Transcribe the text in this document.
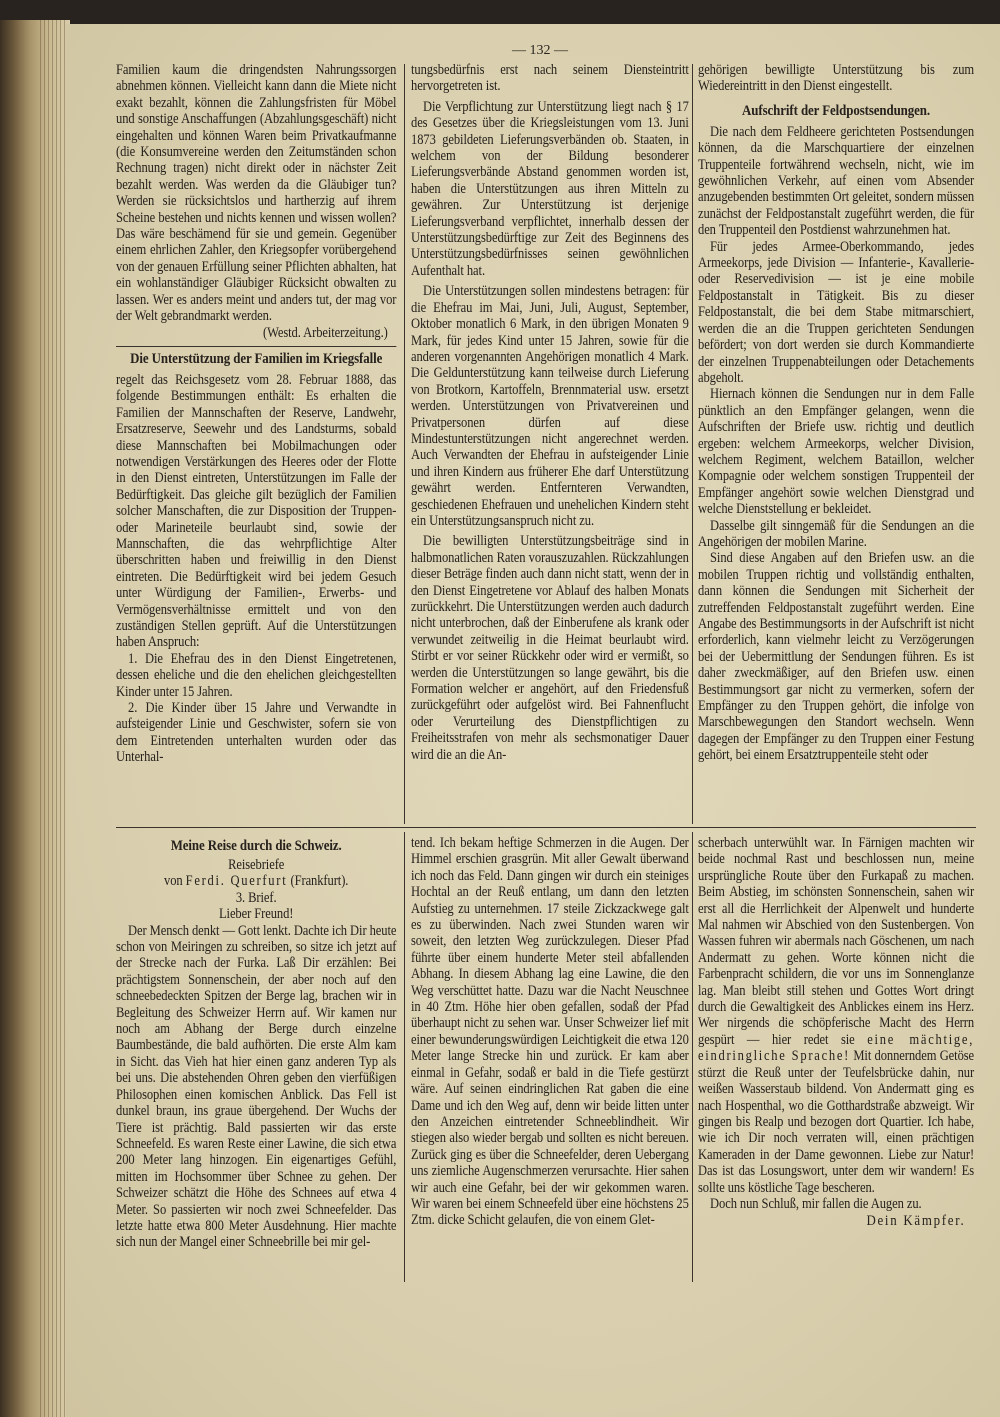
— 132 —

Familien kaum die dringendsten Nahrungssorgen abnehmen können. Vielleicht kann dann die Miete nicht exakt bezahlt, können die Zahlungsfristen für Möbel und sonstige Anschaffungen (Abzahlungsgeschäft) nicht eingehalten und können Waren beim Privatkaufmanne (die Konsumvereine werden den Zeitumständen schon Rechnung tragen) nicht direkt oder in nächster Zeit bezahlt werden. Was werden da die Gläubiger tun? Werden sie rücksichtslos und hartherzig auf ihrem Scheine bestehen und nichts kennen und wissen wollen? Das wäre beschämend für sie und gemein. Gegenüber einem ehrlichen Zahler, den Kriegsopfer vorübergehend von der genauen Erfüllung seiner Pflichten abhalten, hat ein wohlanständiger Gläubiger Rücksicht obwalten zu lassen. Wer es anders meint und anders tut, der mag vor der Welt gebrandmarkt werden.

(Westd. Arbeiterzeitung.)

Die Unterstützung der Familien im Kriegsfalle

regelt das Reichsgesetz vom 28. Februar 1888, das folgende Bestimmungen enthält: Es erhalten die Familien der Mannschaften der Reserve, Landwehr, Ersatzreserve, Seewehr und des Landsturms, sobald diese Mannschaften bei Mobilmachungen oder notwendigen Verstärkungen des Heeres oder der Flotte in den Dienst eintreten, Unterstützungen im Falle der Bedürftigkeit. Das gleiche gilt bezüglich der Familien solcher Manschaften, die zur Disposition der Truppen- oder Marineteile beurlaubt sind, sowie der Mannschaften, die das wehrpflichtige Alter überschritten haben und freiwillig in den Dienst eintreten. Die Bedürftigkeit wird bei jedem Gesuch unter Würdigung der Familien-, Erwerbs- und Vermögensverhältnisse ermittelt und von den zuständigen Stellen geprüft. Auf die Unterstützungen haben Anspruch:

1. Die Ehefrau des in den Dienst Eingetretenen, dessen eheliche und die den ehelichen gleichgestellten Kinder unter 15 Jahren.

2. Die Kinder über 15 Jahre und Verwandte in aufsteigender Linie und Geschwister, sofern sie von dem Eintretenden unterhalten wurden oder das Unterhal-

tungsbedürfnis erst nach seinem Diensteintritt hervorgetreten ist.

Die Verpflichtung zur Unterstützung liegt nach § 17 des Gesetzes über die Kriegsleistungen vom 13. Juni 1873 gebildeten Lieferungsverbänden ob. Staaten, in welchem von der Bildung besonderer Lieferungsverbände Abstand genommen worden ist, haben die Unterstützungen aus ihren Mitteln zu gewähren. Zur Unterstützung ist derjenige Lieferungsverband verpflichtet, innerhalb dessen der Unterstützungsbedürftige zur Zeit des Beginnens des Unterstützungsbedürfnisses seinen gewöhnlichen Aufenthalt hat.

Die Unterstützungen sollen mindestens betragen: für die Ehefrau im Mai, Juni, Juli, August, September, Oktober monatlich 6 Mark, in den übrigen Monaten 9 Mark, für jedes Kind unter 15 Jahren, sowie für die anderen vorgenannten Angehörigen monatlich 4 Mark. Die Geldunterstützung kann teilweise durch Lieferung von Brotkorn, Kartoffeln, Brennmaterial usw. ersetzt werden. Unterstützungen von Privatvereinen und Privatpersonen dürfen auf diese Mindestunterstützungen nicht angerechnet werden. Auch Verwandten der Ehefrau in aufsteigender Linie und ihren Kindern aus früherer Ehe darf Unterstützung gewährt werden. Entfernteren Verwandten, geschiedenen Ehefrauen und unehelichen Kindern steht ein Unterstützungsanspruch nicht zu.

Die bewilligten Unterstützungsbeiträge sind in halbmonatlichen Raten vorauszuzahlen. Rückzahlungen dieser Beträge finden auch dann nicht statt, wenn der in den Dienst Eingetretene vor Ablauf des halben Monats zurückkehrt. Die Unterstützungen werden auch dadurch nicht unterbrochen, daß der Einberufene als krank oder verwundet zeitweilig in die Heimat beurlaubt wird. Stirbt er vor seiner Rückkehr oder wird er vermißt, so werden die Unterstützungen so lange gewährt, bis die Formation welcher er angehört, auf den Friedensfuß zurückgeführt oder aufgelöst wird. Bei Fahnenflucht oder Verurteilung des Dienstpflichtigen zu Freiheitsstrafen von mehr als sechsmonatiger Dauer wird die an die An-

gehörigen bewilligte Unterstützung bis zum Wiedereintritt in den Dienst eingestellt.

Aufschrift der Feldpostsendungen.

Die nach dem Feldheere gerichteten Postsendungen können, da die Marschquartiere der einzelnen Truppenteile fortwährend wechseln, nicht, wie im gewöhnlichen Verkehr, auf einen vom Absender anzugebenden bestimmten Ort geleitet, sondern müssen zunächst der Feldpostanstalt zugeführt werden, die für den Truppenteil den Postdienst wahrzunehmen hat.

Für jedes Armee-Oberkommando, jedes Armeekorps, jede Division — Infanterie-, Kavallerie- oder Reservedivision — ist je eine mobile Feldpostanstalt in Tätigkeit. Bis zu dieser Feldpostanstalt, die bei dem Stabe mitmarschiert, werden die an die Truppen gerichteten Sendungen befördert; von dort werden sie durch Kommandierte der einzelnen Truppenabteilungen oder Detachements abgeholt.

Hiernach können die Sendungen nur in dem Falle pünktlich an den Empfänger gelangen, wenn die Aufschriften der Briefe usw. richtig und deutlich ergeben: welchem Armeekorps, welcher Division, welchem Regiment, welchem Bataillon, welcher Kompagnie oder welchem sonstigen Truppenteil der Empfänger angehört sowie welchen Dienstgrad und welche Dienststellung er bekleidet.

Dasselbe gilt sinngemäß für die Sendungen an die Angehörigen der mobilen Marine.

Sind diese Angaben auf den Briefen usw. an die mobilen Truppen richtig und vollständig enthalten, dann können die Sendungen mit Sicherheit der zutreffenden Feldpostanstalt zugeführt werden. Eine Angabe des Bestimmungsorts in der Aufschrift ist nicht erforderlich, kann vielmehr leicht zu Verzögerungen bei der Uebermittlung der Sendungen führen. Es ist daher zweckmäßiger, auf den Briefen usw. einen Bestimmungsort gar nicht zu vermerken, sofern der Empfänger zu den Truppen gehört, die infolge von Marschbewegungen den Standort wechseln. Wenn dagegen der Empfänger zu den Truppen einer Festung gehört, bei einem Ersatztruppenteile steht oder

Meine Reise durch die Schweiz.

Reisebriefe

von Ferdi. Querfurt (Frankfurt).

3. Brief.

Lieber Freund!

Der Mensch denkt — Gott lenkt. Dachte ich Dir heute schon von Meiringen zu schreiben, so sitze ich jetzt auf der Strecke nach der Furka. Laß Dir erzählen: Bei prächtigstem Sonnenschein, der aber noch auf den schneebedeckten Spitzen der Berge lag, brachen wir in Begleitung des Schweizer Herrn auf. Wir kamen nur noch am Abhang der Berge durch einzelne Baumbestände, die bald aufhörten. Die erste Alm kam in Sicht. das Vieh hat hier einen ganz anderen Typ als bei uns. Die abstehenden Ohren geben den vierfüßigen Philosophen einen komischen Anblick. Das Fell ist dunkel braun, ins graue übergehend. Der Wuchs der Tiere ist prächtig. Bald passierten wir das erste Schneefeld. Es waren Reste einer Lawine, die sich etwa 200 Meter lang hinzogen. Ein eigenartiges Gefühl, mitten im Hochsommer über Schnee zu gehen. Der Schweizer schätzt die Höhe des Schnees auf etwa 4 Meter. So passierten wir noch zwei Schneefelder. Das letzte hatte etwa 800 Meter Ausdehnung. Hier machte sich nun der Mangel einer Schneebrille bei mir gel-

tend. Ich bekam heftige Schmerzen in die Augen. Der Himmel erschien grasgrün. Mit aller Gewalt überwand ich noch das Feld. Dann gingen wir durch ein steiniges Hochtal an der Reuß entlang, um dann den letzten Aufstieg zu unternehmen. 17 steile Zickzackwege galt es zu überwinden. Nach zwei Stunden waren wir soweit, den letzten Weg zurückzulegen. Dieser Pfad führte über einem hunderte Meter steil abfallenden Abhang. In diesem Abhang lag eine Lawine, die den Weg verschüttet hatte. Dazu war die Nacht Neuschnee in 40 Ztm. Höhe hier oben gefallen, sodaß der Pfad überhaupt nicht zu sehen war. Unser Schweizer lief mit einer bewunderungswürdigen Leichtigkeit die etwa 120 Meter lange Strecke hin und zurück. Er kam aber einmal in Gefahr, sodaß er bald in die Tiefe gestürzt wäre. Auf seinen eindringlichen Rat gaben die eine Dame und ich den Weg auf, denn wir beide litten unter den Anzeichen eintretender Schneeblindheit. Wir stiegen also wieder bergab und sollten es nicht bereuen. Zurück ging es über die Schneefelder, deren Uebergang uns ziemliche Augenschmerzen verursachte. Hier sahen wir auch eine Gefahr, bei der wir gekommen waren. Wir waren bei einem Schneefeld über eine höchstens 25 Ztm. dicke Schicht gelaufen, die von einem Glet-

scherbach unterwühlt war. In Färnigen machten wir beide nochmal Rast und beschlossen nun, meine ursprüngliche Route über den Furkapaß zu machen. Beim Abstieg, im schönsten Sonnenschein, sahen wir erst all die Herrlichkeit der Alpenwelt und hunderte Mal nahmen wir Abschied von den Sustenbergen. Von Wassen fuhren wir abermals nach Göschenen, um nach Andermatt zu gehen. Worte können nicht die Farbenpracht schildern, die vor uns im Sonnenglanze lag. Man bleibt still stehen und Gottes Wort dringt durch die Gewaltigkeit des Anblickes einem ins Herz. Wer nirgends die schöpferische Macht des Herrn gespürt — hier redet sie eine mächtige, eindringliche Sprache! Mit donnerndem Getöse stürzt die Reuß unter der Teufelsbrücke dahin, nur weißen Wasserstaub bildend. Von Andermatt ging es nach Hospenthal, wo die Gotthardstraße abzweigt. Wir gingen bis Realp und bezogen dort Quartier. Ich habe, wie ich Dir noch verraten will, einen prächtigen Kameraden in der Dame gewonnen. Liebe zur Natur! Das ist das Losungswort, unter dem wir wandern! Es sollte uns köstliche Tage bescheren.

Doch nun Schluß, mir fallen die Augen zu.

Dein Kämpfer.
